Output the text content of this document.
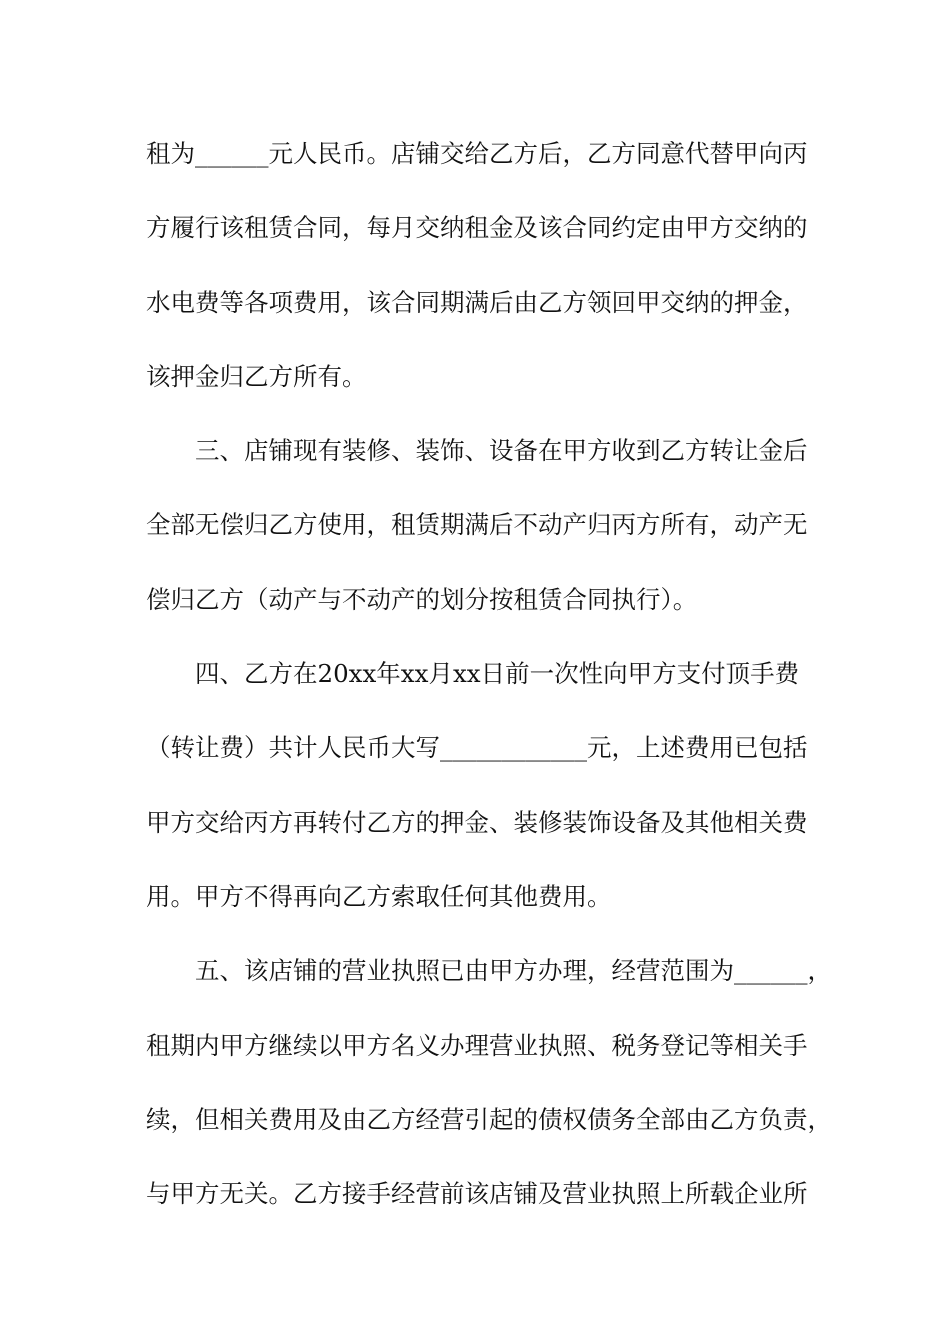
租为______元人民币。店铺交给乙方后，乙方同意代替甲向丙
方履行该租赁合同，每月交纳租金及该合同约定由甲方交纳的
水电费等各项费用，该合同期满后由乙方领回甲交纳的押金，
该押金归乙方所有。
三、店铺现有装修、装饰、设备在甲方收到乙方转让金后
全部无偿归乙方使用，租赁期满后不动产归丙方所有，动产无
偿归乙方（动产与不动产的划分按租赁合同执行）。
四、乙方在20xx年xx月xx日前一次性向甲方支付顶手费
（转让费）共计人民币大写____________元，上述费用已包括
甲方交给丙方再转付乙方的押金、装修装饰设备及其他相关费
用。甲方不得再向乙方索取任何其他费用。
五、该店铺的营业执照已由甲方办理，经营范围为______，
租期内甲方继续以甲方名义办理营业执照、税务登记等相关手
续，但相关费用及由乙方经营引起的债权债务全部由乙方负责，
与甲方无关。乙方接手经营前该店铺及营业执照上所载企业所
